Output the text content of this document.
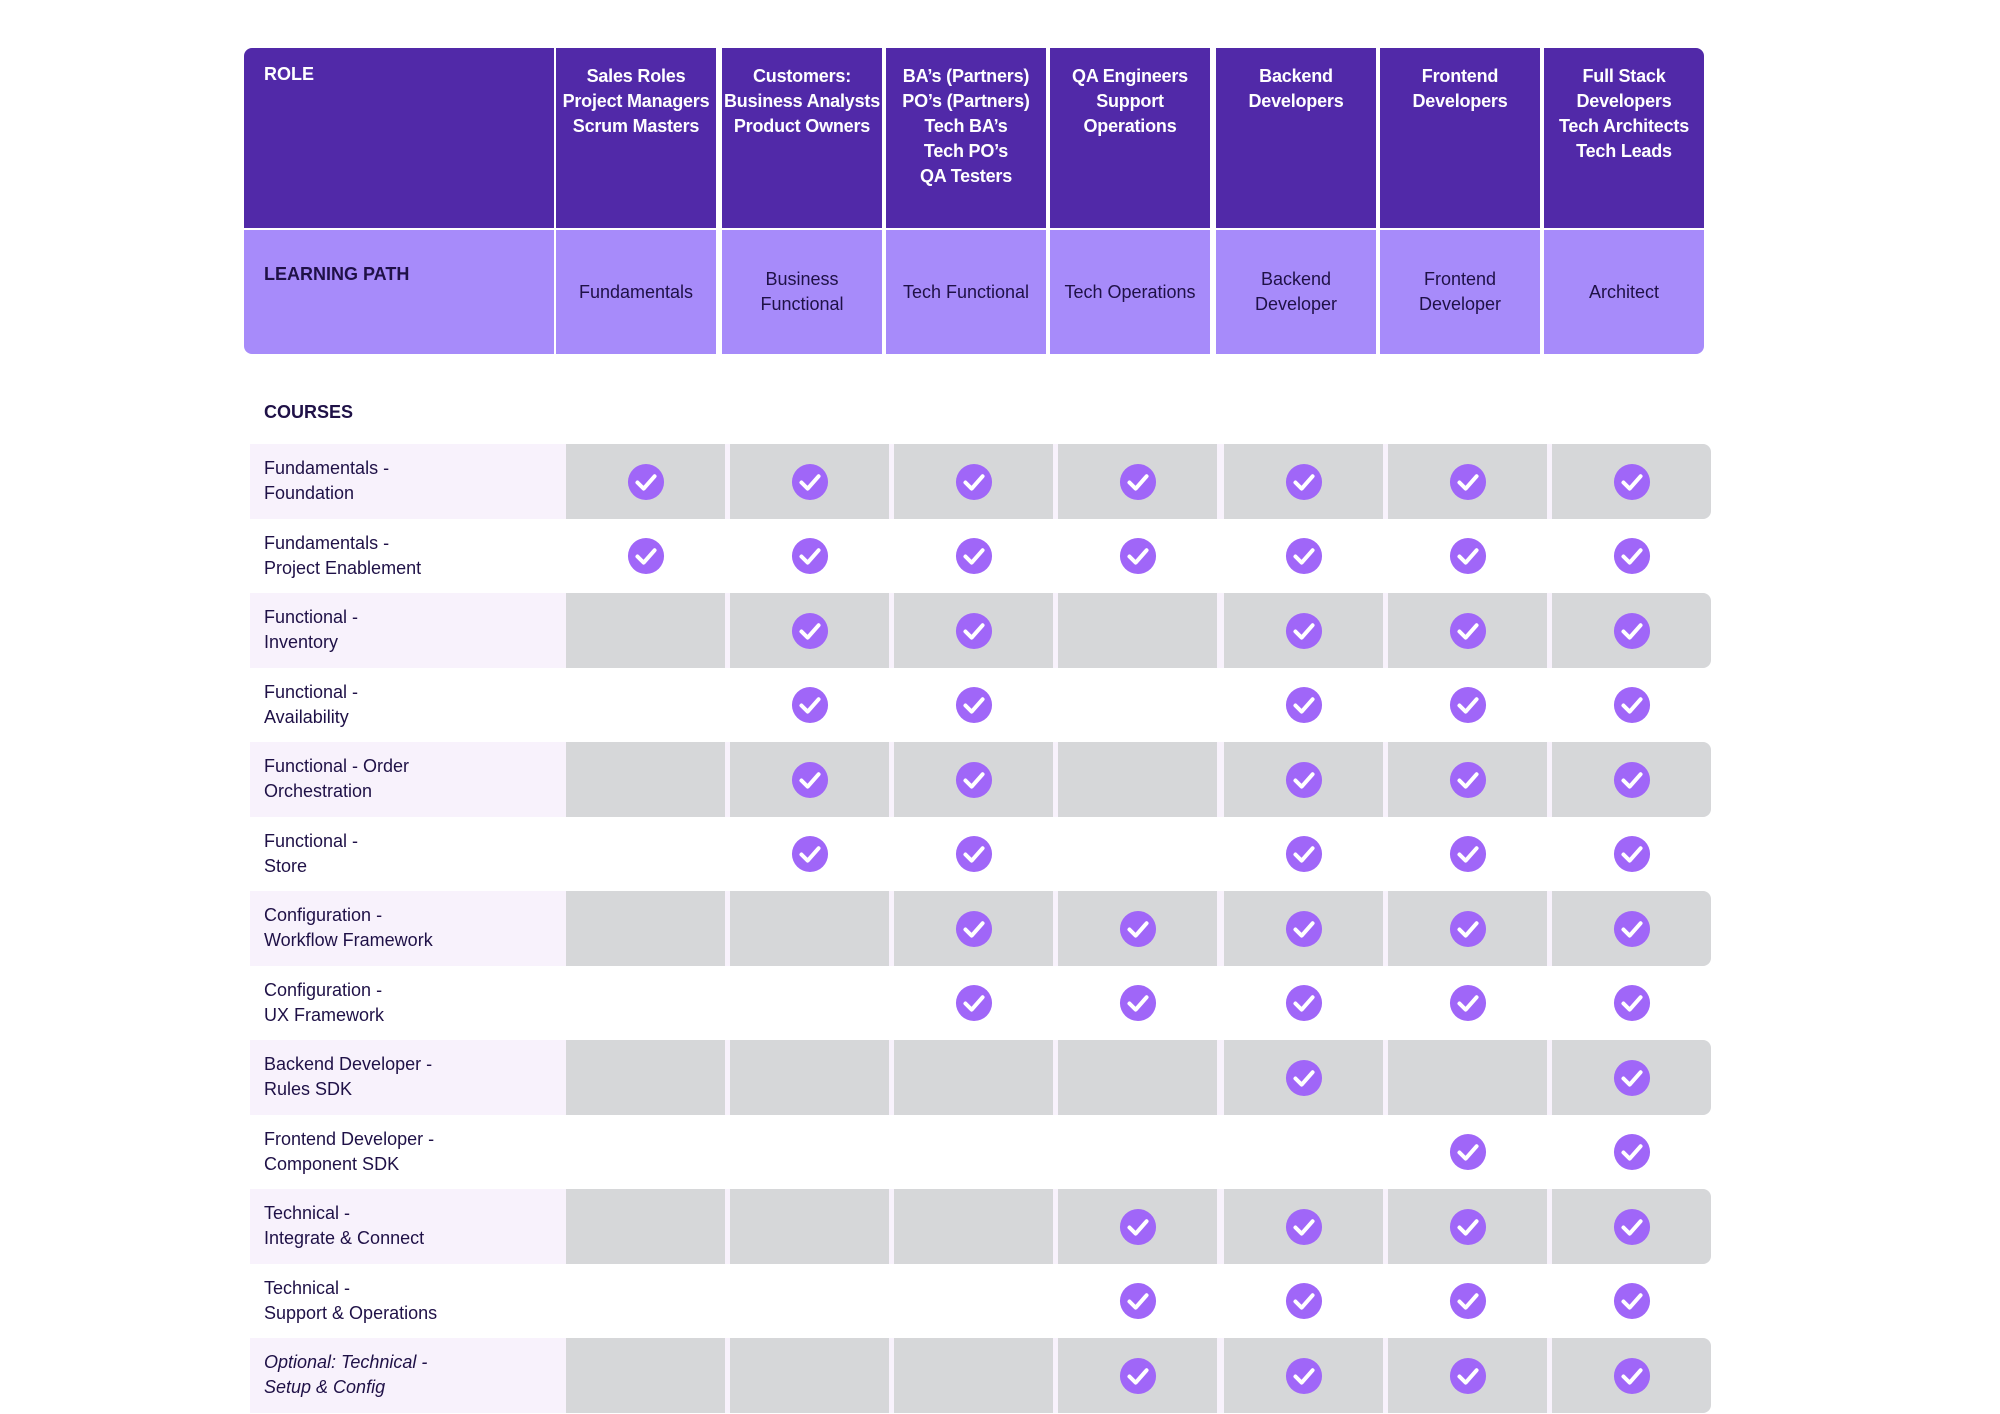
ROLE	Sales Roles
Project Managers
Scrum Masters
Customers:
Business Analysts
Product Owners
BA’s (Partners)
PO’s (Partners)
Tech BA’s
Tech PO’s
QA Testers
QA Engineers
Support
Operations
Backend
Developers
Frontend
Developers
Full Stack
Developers
Tech Architects
Tech Leads
LEARNING PATH
Fundamentals
Business Functional
Tech Functional Tech Operations
Backend Developer
Frontend Developer
Architect
COURSES
Fundamentals -
Foundation
Fundamentals -
Project Enablement
Functional -
Inventory
Functional -
Availability
Functional - Order
Orchestration
Functional -
Store
Configuration -
Workflow Framework
Configuration -
UX Framework
Backend Developer -
Rules SDK
Frontend Developer -
Component SDK
Technical -
Integrate & Connect
Technical -
Support & Operations
Optional: Technical -
Setup & Config
